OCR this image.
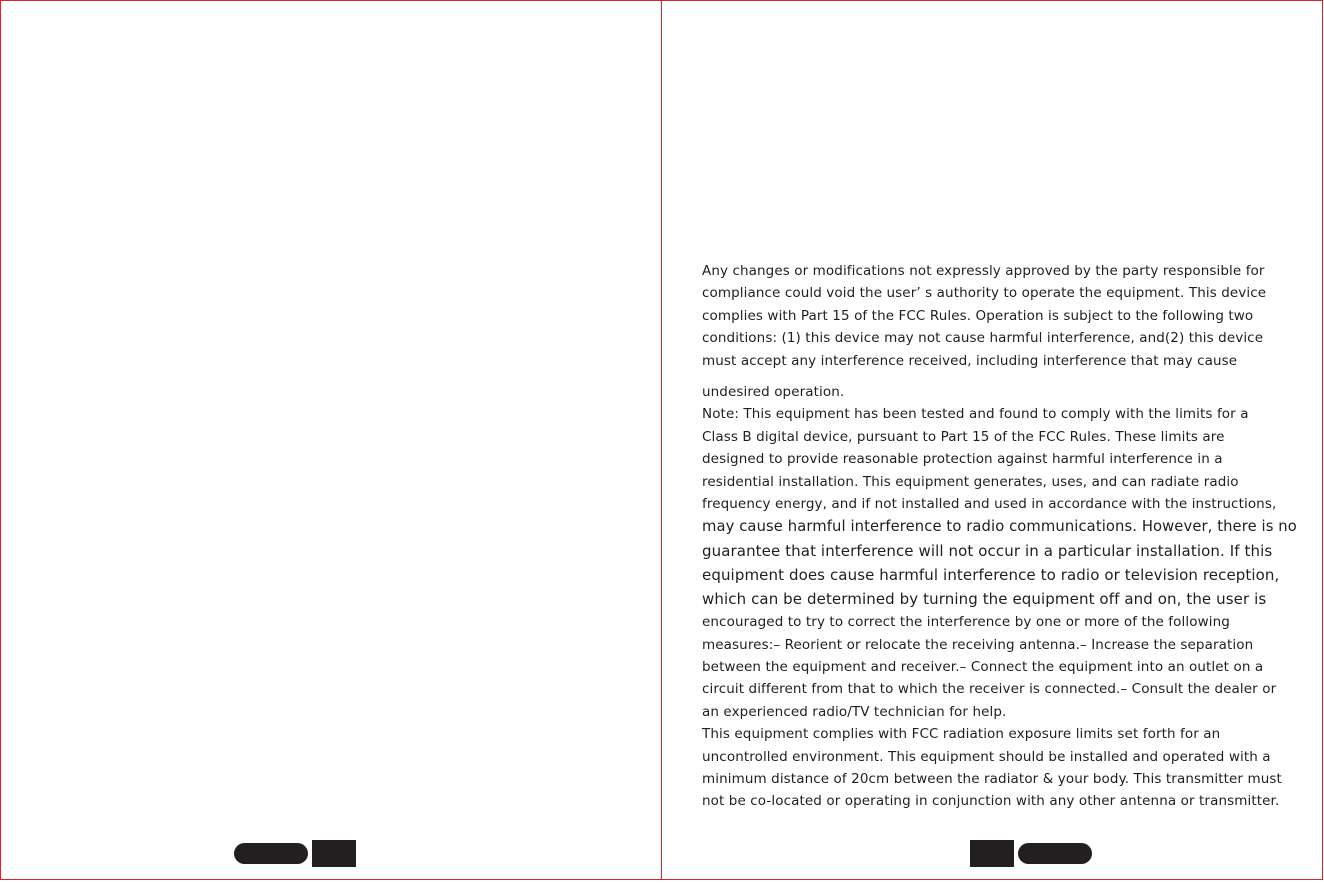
Any changes or modifications not expressly approved by the party responsible for
compliance could void the user’ s authority to operate the equipment. This device
complies with Part 15 of the FCC Rules. Operation is subject to the following two
conditions: (1) this device may not cause harmful interference, and(2) this device
must accept any interference received, including interference that may cause
undesired operation.
Note: This equipment has been tested and found to comply with the limits for a
Class B digital device, pursuant to Part 15 of the FCC Rules. These limits are
designed to provide reasonable protection against harmful interference in a
residential installation. This equipment generates, uses, and can radiate radio
frequency energy, and if not installed and used in accordance with the instructions,
may cause harmful interference to radio communications. However, there is no
guarantee that interference will not occur in a particular installation. If this
equipment does cause harmful interference to radio or television reception,
which can be determined by turning the equipment off and on, the user is
encouraged to try to correct the interference by one or more of the following
measures:– Reorient or relocate the receiving antenna.– Increase the separation
between the equipment and receiver.– Connect the equipment into an outlet on a
circuit different from that to which the receiver is connected.– Consult the dealer or
an experienced radio/TV technician for help.
This equipment complies with FCC radiation exposure limits set forth for an
uncontrolled environment. This equipment should be installed and operated with a
minimum distance of 20cm between the radiator & your body. This transmitter must
not be co-located or operating in conjunction with any other antenna or transmitter.
